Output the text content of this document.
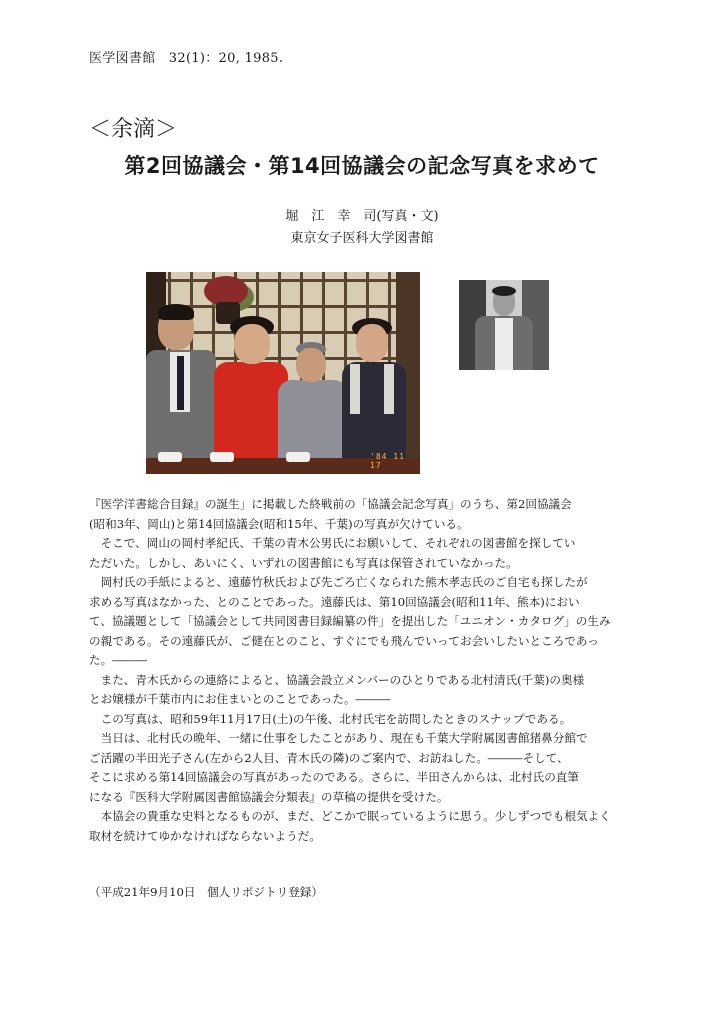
医学図書館　32(1)：20, 1985.
＜余滴＞
第2回協議会・第14回協議会の記念写真を求めて
堀　江　幸　司(写真・文)
東京女子医科大学図書館
'84 11 17

『医学洋書総合目録』の誕生」に掲載した終戦前の「協議会記念写真」のうち、第2回協議会

(昭和3年、岡山)と第14回協議会(昭和15年、千葉)の写真が欠けている。

　そこで、岡山の岡村孝紀氏、千葉の青木公男氏にお願いして、それぞれの図書館を探してい

ただいた。しかし、あいにく、いずれの図書館にも写真は保管されていなかった。

　岡村氏の手紙によると、遠藤竹秋氏および先ごろ亡くなられた熊木孝志氏のご自宅も探したが

求める写真はなかった、とのことであった。遠藤氏は、第10回協議会(昭和11年、熊本)におい

て、協議題として「協議会として共同図書目録編纂の件」を提出した「ユニオン・カタログ」の生み

の親である。その遠藤氏が、ご健在とのこと、すぐにでも飛んでいってお会いしたいところであっ

た。―――

　また、青木氏からの連絡によると、協議会設立メンバーのひとりである北村清氏(千葉)の奥様

とお嬢様が千葉市内にお住まいとのことであった。―――

　この写真は、昭和59年11月17日(土)の午後、北村氏宅を訪問したときのスナップである。

　当日は、北村氏の晩年、一緒に仕事をしたことがあり、現在も千葉大学附属図書館猪鼻分館で

ご活躍の半田光子さん(左から2人目、青木氏の隣)のご案内で、お訪ねした。―――そして、

そこに求める第14回協議会の写真があったのである。さらに、半田さんからは、北村氏の直筆

になる『医科大学附属図書館協議会分類表』の草稿の提供を受けた。

　本協会の貴重な史料となるものが、まだ、どこかで眠っているように思う。少しずつでも根気よく

取材を続けてゆかなければならないようだ。

（平成21年9月10日　個人リポジトリ登録）
